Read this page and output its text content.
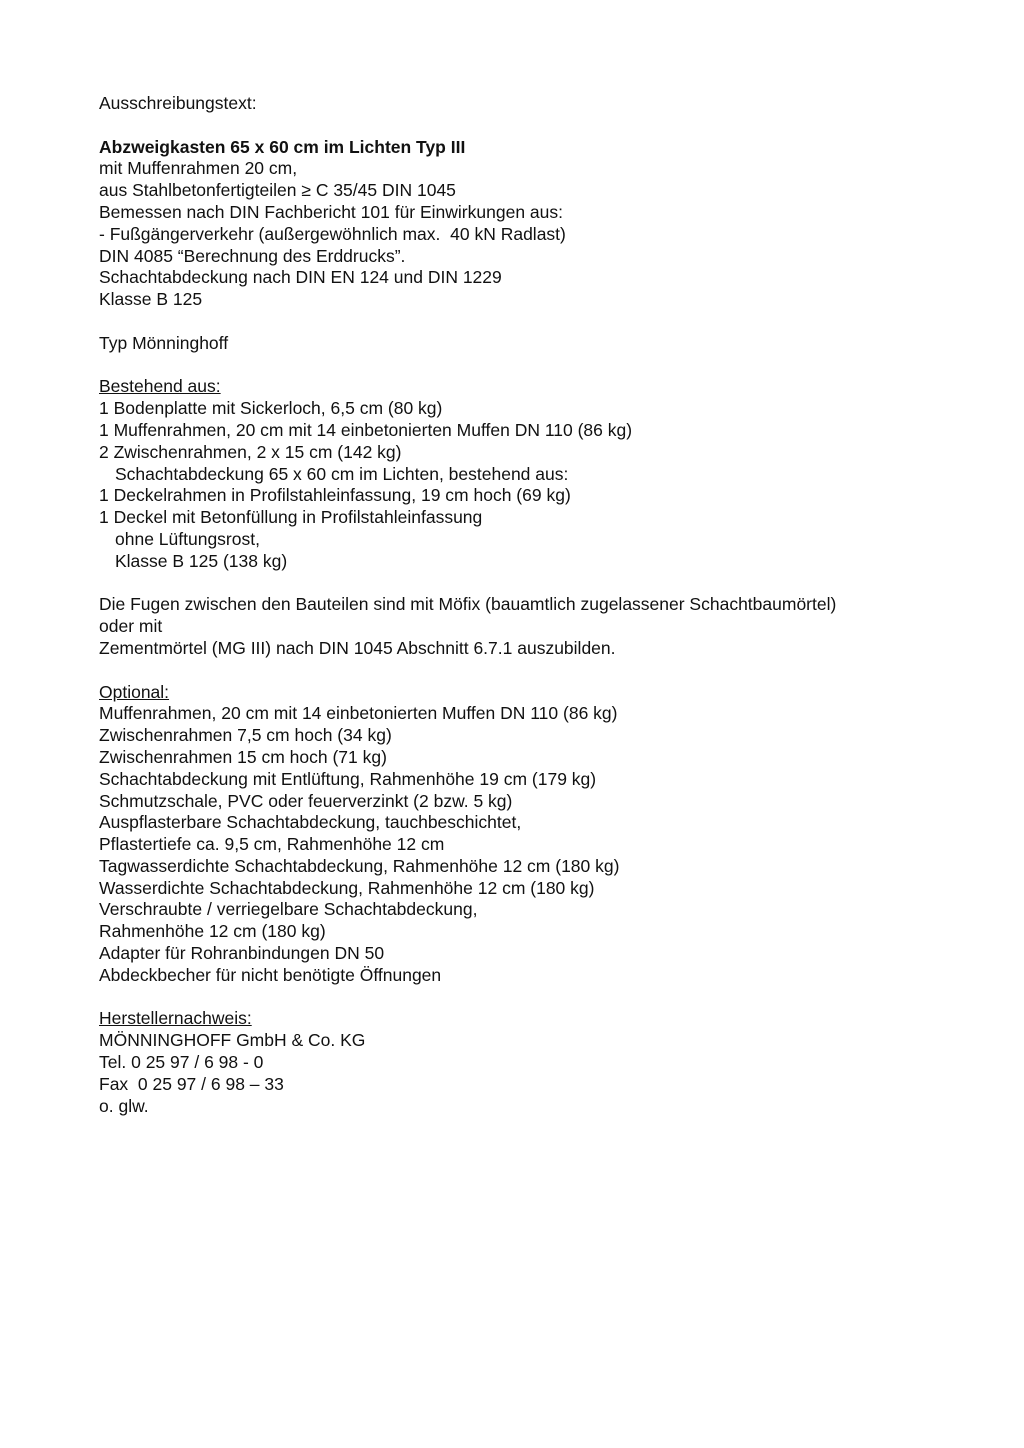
Ausschreibungstext:
Abzweigkasten 65 x 60 cm im Lichten Typ III
mit Muffenrahmen 20 cm,
aus Stahlbetonfertigteilen ≥ C 35/45 DIN 1045
Bemessen nach DIN Fachbericht 101 für Einwirkungen aus:
- Fußgängerverkehr (außergewöhnlich max.  40 kN Radlast)
DIN 4085 “Berechnung des Erddrucks”.
Schachtabdeckung nach DIN EN 124 und DIN 1229
Klasse B 125
Typ Mönninghoff
Bestehend aus:
1 Bodenplatte mit Sickerloch, 6,5 cm (80 kg)
1 Muffenrahmen, 20 cm mit 14 einbetonierten Muffen DN 110 (86 kg)
2 Zwischenrahmen, 2 x 15 cm (142 kg)
Schachtabdeckung 65 x 60 cm im Lichten, bestehend aus:
1 Deckelrahmen in Profilstahleinfassung, 19 cm hoch (69 kg)
1 Deckel mit Betonfüllung in Profilstahleinfassung
ohne Lüftungsrost,
Klasse B 125 (138 kg)
Die Fugen zwischen den Bauteilen sind mit Möfix (bauamtlich zugelassener Schachtbaumörtel)
oder mit
Zementmörtel (MG III) nach DIN 1045 Abschnitt 6.7.1 auszubilden.
Optional:
Muffenrahmen, 20 cm mit 14 einbetonierten Muffen DN 110 (86 kg)
Zwischenrahmen 7,5 cm hoch (34 kg)
Zwischenrahmen 15 cm hoch (71 kg)
Schachtabdeckung mit Entlüftung, Rahmenhöhe 19 cm (179 kg)
Schmutzschale, PVC oder feuerverzinkt (2 bzw. 5 kg)
Auspflasterbare Schachtabdeckung, tauchbeschichtet,
Pflastertiefe ca. 9,5 cm, Rahmenhöhe 12 cm
Tagwasserdichte Schachtabdeckung, Rahmenhöhe 12 cm (180 kg)
Wasserdichte Schachtabdeckung, Rahmenhöhe 12 cm (180 kg)
Verschraubte / verriegelbare Schachtabdeckung,
Rahmenhöhe 12 cm (180 kg)
Adapter für Rohranbindungen DN 50
Abdeckbecher für nicht benötigte Öffnungen
Herstellernachweis:
MÖNNINGHOFF GmbH & Co. KG
Tel. 0 25 97 / 6 98 - 0
Fax  0 25 97 / 6 98 – 33
o. glw.
